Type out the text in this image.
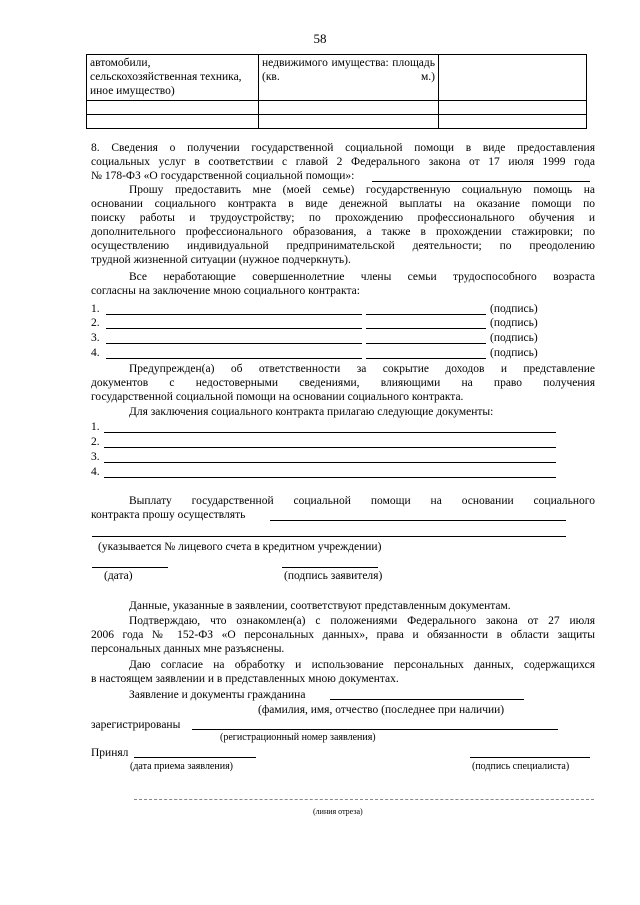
58
автомобили, сельскохозяйственная техника, иное имущество)	недвижимого имущества: площадь (кв. м.)	

8. Сведения о получении государственной социальной помощи в виде предоставления
социальных услуг в соответствии с главой 2 Федерального закона от 17 июля 1999 года
№ 178-ФЗ «О государственной социальной помощи»:
Прошу предоставить мне (моей семье) государственную социальную помощь на
основании социального контракта в виде денежной выплаты на оказание помощи по
поиску работы и трудоустройству; по прохождению профессионального обучения и
дополнительного профессионального образования, а также в прохождении стажировки; по
осуществлению индивидуальной предпринимательской деятельности; по преодолению
трудной жизненной ситуации (нужное подчеркнуть).
Все неработающие совершеннолетние члены семьи трудоспособного возраста
согласны на заключение мною социального контракта:
1.	(подпись)
2.	(подпись)
3.	(подпись)
4.	(подпись)
Предупрежден(а) об ответственности за сокрытие доходов и представление
документов с недостоверными сведениями, влияющими на право получения
государственной социальной помощи на основании социального контракта.
Для заключения социального контракта прилагаю следующие документы:
1.
2.
3.
4.
Выплату государственной социальной помощи на основании социального
контракта прошу осуществлять
(указывается № лицевого счета в кредитном учреждении)
(дата)	(подпись заявителя)
Данные, указанные в заявлении, соответствуют представленным документам.
Подтверждаю, что ознакомлен(а) с положениями Федерального закона от 27 июля
2006 года № 152-ФЗ «О персональных данных», права и обязанности в области защиты
персональных данных мне разъяснены.
Даю согласие на обработку и использование персональных данных, содержащихся
в настоящем заявлении и в представленных мною документах.
Заявление и документы гражданина
(фамилия, имя, отчество (последнее при наличии)
зарегистрированы
(регистрационный номер заявления)
Принял
(дата приема заявления)	(подпись специалиста)
(линия отреза)
